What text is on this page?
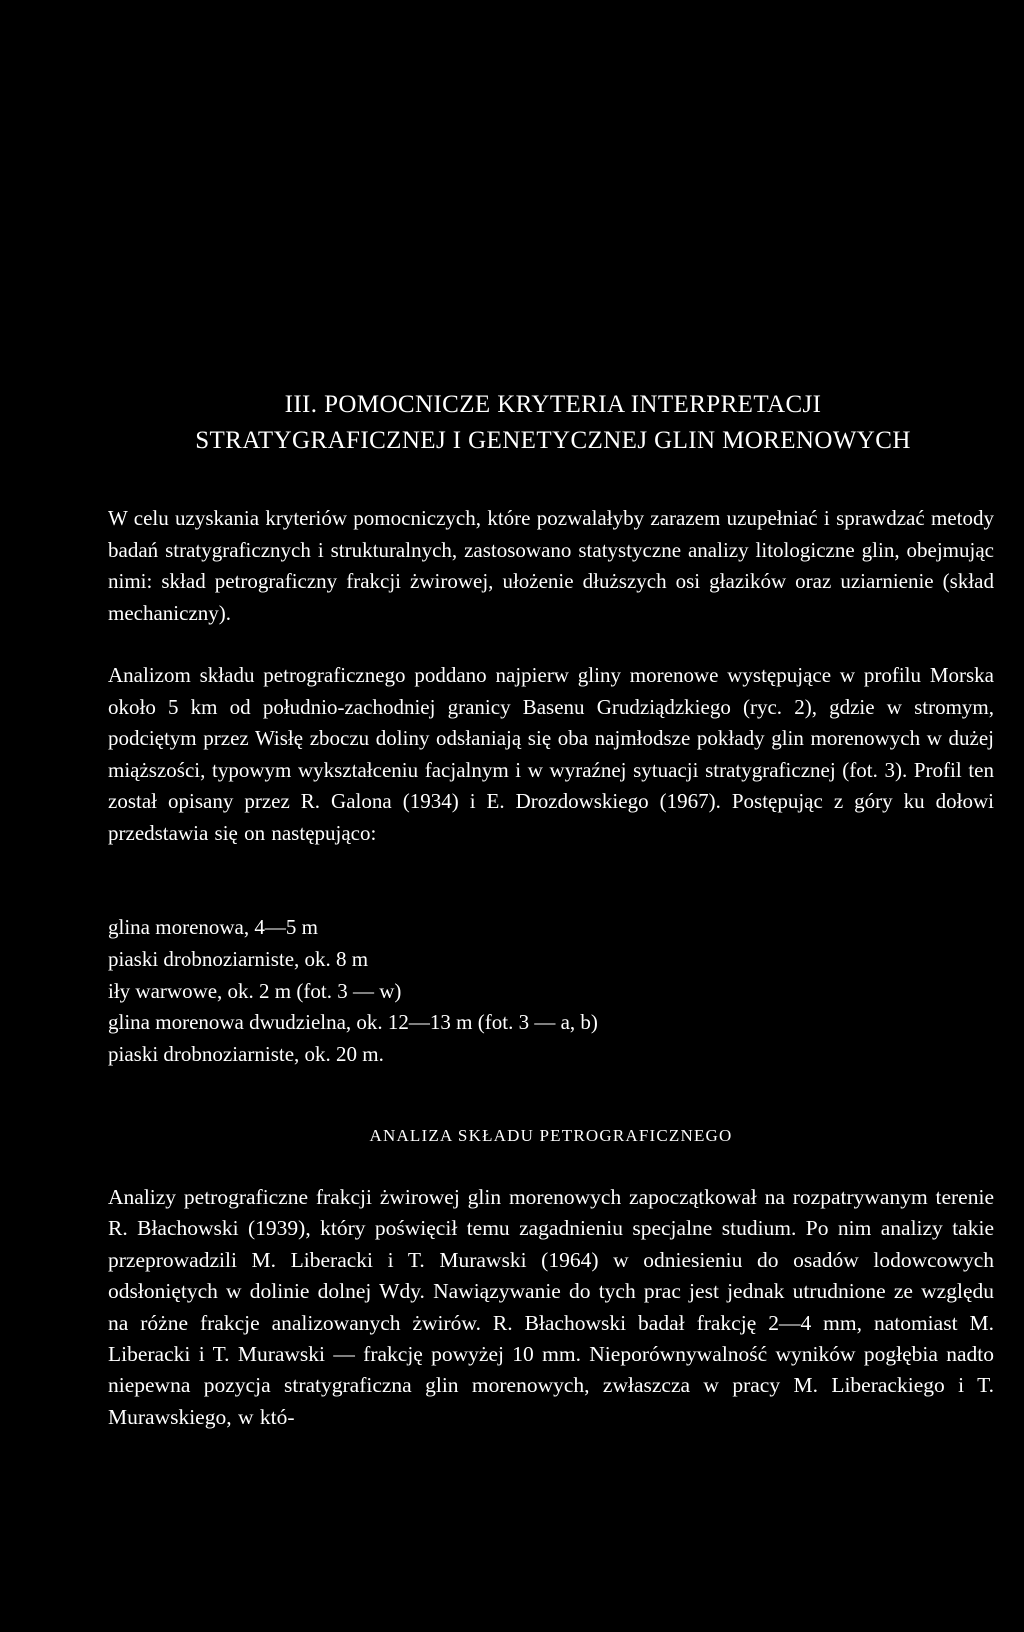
III. POMOCNICZE KRYTERIA INTERPRETACJI
STRATYGRAFICZNEJ I GENETYCZNEJ GLIN MORENOWYCH

W celu uzyskania kryteriów pomocniczych, które pozwalałyby zarazem uzupełniać i sprawdzać metody badań stratygraficznych i strukturalnych, zastosowano statystyczne analizy litologiczne glin, obejmując nimi: skład petrograficzny frakcji żwirowej, ułożenie dłuższych osi głazików oraz uziarnienie (skład mechaniczny).

Analizom składu petrograficznego poddano najpierw gliny morenowe występujące w profilu Morska około 5 km od południo-zachodniej granicy Basenu Grudziądzkiego (ryc. 2), gdzie w stromym, podciętym przez Wisłę zboczu doliny odsłaniają się oba najmłodsze pokłady glin morenowych w dużej miąższości, typowym wykształceniu facjalnym i w wyraźnej sytuacji stratygraficznej (fot. 3). Profil ten został opisany przez R. Galona (1934) i E. Drozdowskiego (1967). Postępując z góry ku dołowi przedstawia się on następująco:

glina morenowa, 4—5 m
piaski drobnoziarniste, ok. 8 m
iły warwowe, ok. 2 m (fot. 3 — w)
glina morenowa dwudzielna, ok. 12—13 m (fot. 3 — a, b)
piaski drobnoziarniste, ok. 20 m.
ANALIZA SKŁADU PETROGRAFICZNEGO

Analizy petrograficzne frakcji żwirowej glin morenowych zapoczątkował na rozpatrywanym terenie R. Błachowski (1939), który poświęcił temu zagadnieniu specjalne studium. Po nim analizy takie przeprowadzili M. Liberacki i T. Murawski (1964) w odniesieniu do osadów lodowcowych odsłoniętych w dolinie dolnej Wdy. Nawiązywanie do tych prac jest jednak utrudnione ze względu na różne frakcje analizowanych żwirów. R. Błachowski badał frakcję 2—4 mm, natomiast M. Liberacki i T. Murawski — frakcję powyżej 10 mm. Nieporównywalność wyników pogłębia nadto niepewna pozycja stratygraficzna glin morenowych, zwłaszcza w pracy M. Liberackiego i T. Murawskiego, w któ-
